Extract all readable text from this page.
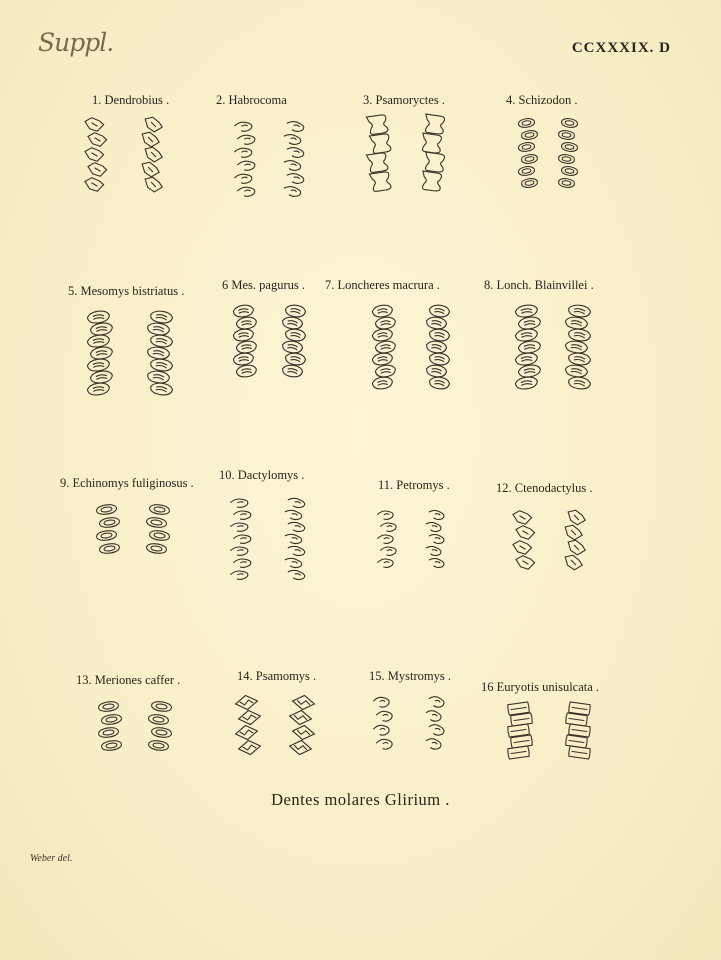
Suppl.	CCXXXIX. D
1. Dendrobius .	2. Habrocoma	3. Psamoryctes .	4. Schizodon .
5. Mesomys bistriatus .	6 Mes. pagurus . 7. Loncheres macrura .	8. Lonch. Blainvillei .
9. Echinomys fuliginosus .
10. Dactylomys .
11. Petromys .	12. Ctenodactylus .
13. Meriones caffer .	14. Psamomys .	15. Mystromys .
16 Euryotis unisulcata .
Dentes molares Glirium .
Weber del.
